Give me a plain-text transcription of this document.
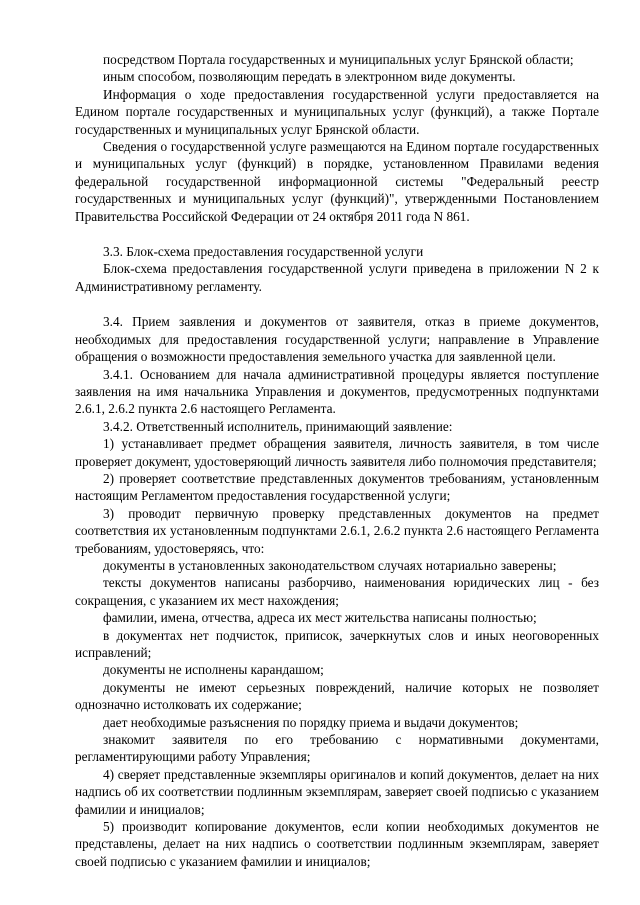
посредством Портала государственных и муниципальных услуг Брянской области;

иным способом, позволяющим передать в электронном виде документы.

Информация о ходе предоставления государственной услуги предоставляется на Едином портале государственных и муниципальных услуг (функций), а также Портале государственных и муниципальных услуг Брянской области.

Сведения о государственной услуге размещаются на Едином портале государственных и муниципальных услуг (функций) в порядке, установленном Правилами ведения федеральной государственной информационной системы "Федеральный реестр государственных и муниципальных услуг (функций)", утвержденными Постановлением Правительства Российской Федерации от 24 октября 2011 года N 861.

3.3. Блок-схема предоставления государственной услуги

Блок-схема предоставления государственной услуги приведена в приложении N 2 к Административному регламенту.

3.4. Прием заявления и документов от заявителя, отказ в приеме документов, необходимых для предоставления государственной услуги; направление в Управление обращения о возможности предоставления земельного участка для заявленной цели.

3.4.1. Основанием для начала административной процедуры является поступление заявления на имя начальника Управления и документов, предусмотренных подпунктами 2.6.1, 2.6.2 пункта 2.6 настоящего Регламента.

3.4.2. Ответственный исполнитель, принимающий заявление:

1) устанавливает предмет обращения заявителя, личность заявителя, в том числе проверяет документ, удостоверяющий личность заявителя либо полномочия представителя;

2) проверяет соответствие представленных документов требованиям, установленным настоящим Регламентом предоставления государственной услуги;

3) проводит первичную проверку представленных документов на предмет соответствия их установленным подпунктами 2.6.1, 2.6.2 пункта 2.6 настоящего Регламента требованиям, удостоверяясь, что:

документы в установленных законодательством случаях нотариально заверены;

тексты документов написаны разборчиво, наименования юридических лиц - без сокращения, с указанием их мест нахождения;

фамилии, имена, отчества, адреса их мест жительства написаны полностью;

в документах нет подчисток, приписок, зачеркнутых слов и иных неоговоренных исправлений;

документы не исполнены карандашом;

документы не имеют серьезных повреждений, наличие которых не позволяет однозначно истолковать их содержание;

дает необходимые разъяснения по порядку приема и выдачи документов;

знакомит заявителя по его требованию с нормативными документами, регламентирующими работу Управления;

4) сверяет представленные экземпляры оригиналов и копий документов, делает на них надпись об их соответствии подлинным экземплярам, заверяет своей подписью с указанием фамилии и инициалов;

5) производит копирование документов, если копии необходимых документов не представлены, делает на них надпись о соответствии подлинным экземплярам, заверяет своей подписью с указанием фамилии и инициалов;
